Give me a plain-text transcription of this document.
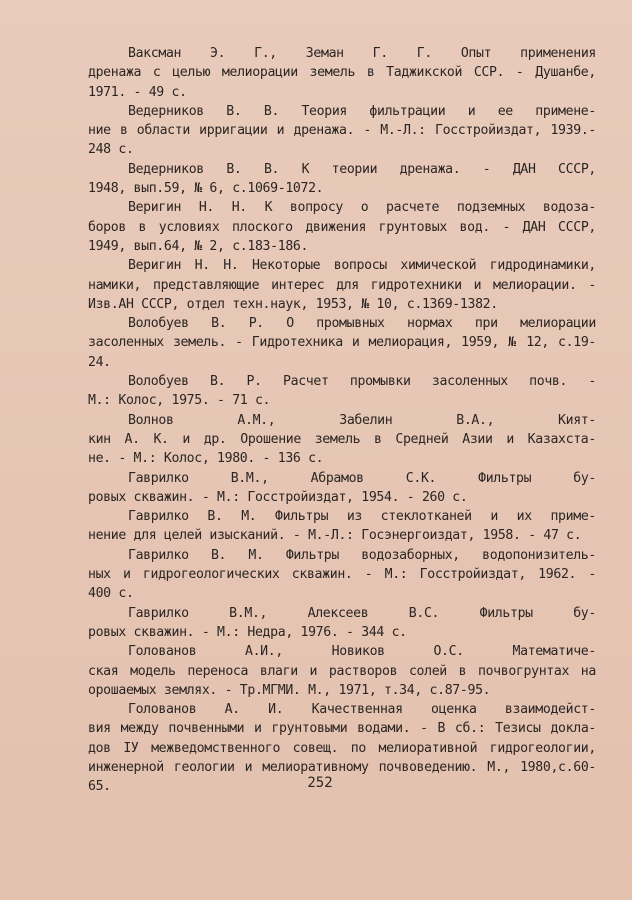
Ваксман Э. Г., Земан Г. Г. Опыт применения
дренажа с целью мелиорации земель в Таджикской ССР. - Душанбе,
1971. - 49 с.
Ведерников В. В. Теория фильтрации и ее примене-
ние в области ирригации и дренажа. - М.-Л.: Госстройиздат, 1939.-
248 с.
Ведерников В. В. К теории дренажа. - ДАН СССР,
1948, вып.59, № 6, с.1069-1072.
Веригин Н. Н. К вопросу о расчете подземных водоза-
боров в условиях плоского движения грунтовых вод. - ДАН СССР,
1949, вып.64, № 2, с.183-186.
Веригин Н. Н. Некоторые вопросы химической гидродинамики,
намики, представляющие интерес для гидротехники и мелиорации. -
Изв.АН СССР, отдел техн.наук, 1953, № 10, с.1369-1382.
Волобуев В. Р. О промывных нормах при мелиорации
засоленных земель. - Гидротехника и мелиорация, 1959, № 12, с.19-
24.
Волобуев В. Р. Расчет промывки засоленных почв. -
М.: Колос, 1975. - 71 с.
Волнов А.М., Забелин В.А., Кият-
кин А. К. и др. Орошение земель в Средней Азии и Казахста-
не. - М.: Колос, 1980. - 136 с.
Гаврилко В.М., Абрамов С.К. Фильтры бу-
ровых скважин. - М.: Госстройиздат, 1954. - 260 с.
Гаврилко В. М. Фильтры из стеклотканей и их приме-
нение для целей изысканий. - М.-Л.: Госэнергоиздат, 1958. - 47 с.
Гаврилко В. М. Фильтры водозаборных, водопонизитель-
ных и гидрогеологических скважин. - М.: Госстройиздат, 1962. -
400 с.
Гаврилко В.М., Алексеев В.С. Фильтры бу-
ровых скважин. - М.: Недра, 1976. - 344 с.
Голованов А.И., Новиков О.С. Математиче-
ская модель переноса влаги и растворов солей в почвогрунтах на
орошаемых землях. - Тр.МГМИ. М., 1971, т.34, с.87-95.
Голованов А. И. Качественная оценка взаимодейст-
вия между почвенными и грунтовыми водами. - В сб.: Тезисы докла-
дов IУ межведомственного совещ. по мелиоративной гидрогеологии,
инженерной геологии и мелиоративному почвоведению. М., 1980,с.60-
65.	252
